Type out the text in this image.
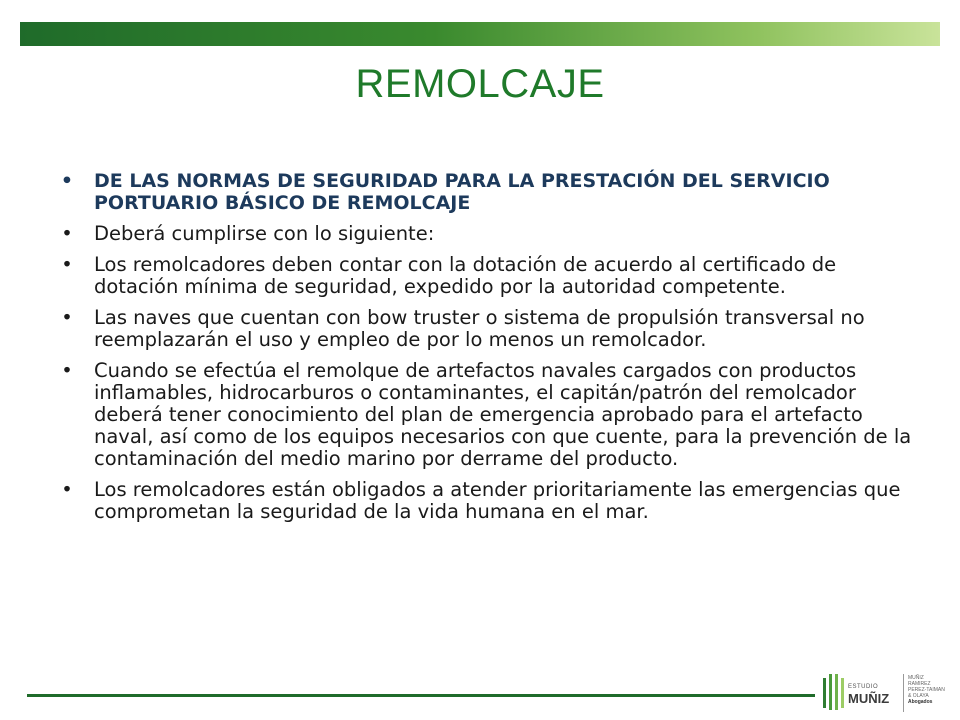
REMOLCAJE
• DE LAS NORMAS DE SEGURIDAD PARA LA PRESTACIÓN DEL SERVICIO PORTUARIO BÁSICO DE REMOLCAJE
• Deberá cumplirse con lo siguiente:
• Los remolcadores deben contar con la dotación de acuerdo al certificado de dotación mínima de seguridad, expedido por la autoridad competente.
• Las naves que cuentan con bow truster o sistema de propulsión transversal no reemplazarán el uso y empleo de por lo menos un remolcador.
• Cuando se efectúa el remolque de artefactos navales cargados con productos inflamables, hidrocarburos o contaminantes, el capitán/patrón del remolcador deberá tener conocimiento del plan de emergencia aprobado para el artefacto naval, así como de los equipos necesarios con que cuente, para la prevención de la contaminación del medio marino por derrame del producto.
• Los remolcadores están obligados a atender prioritariamente las emergencias que comprometan la seguridad de la vida humana en el mar.
ESTUDIO
MUÑIZ
MUÑIZ
RAMIREZ
PEREZ-TAIMAN
& OLAYA
Abogados
